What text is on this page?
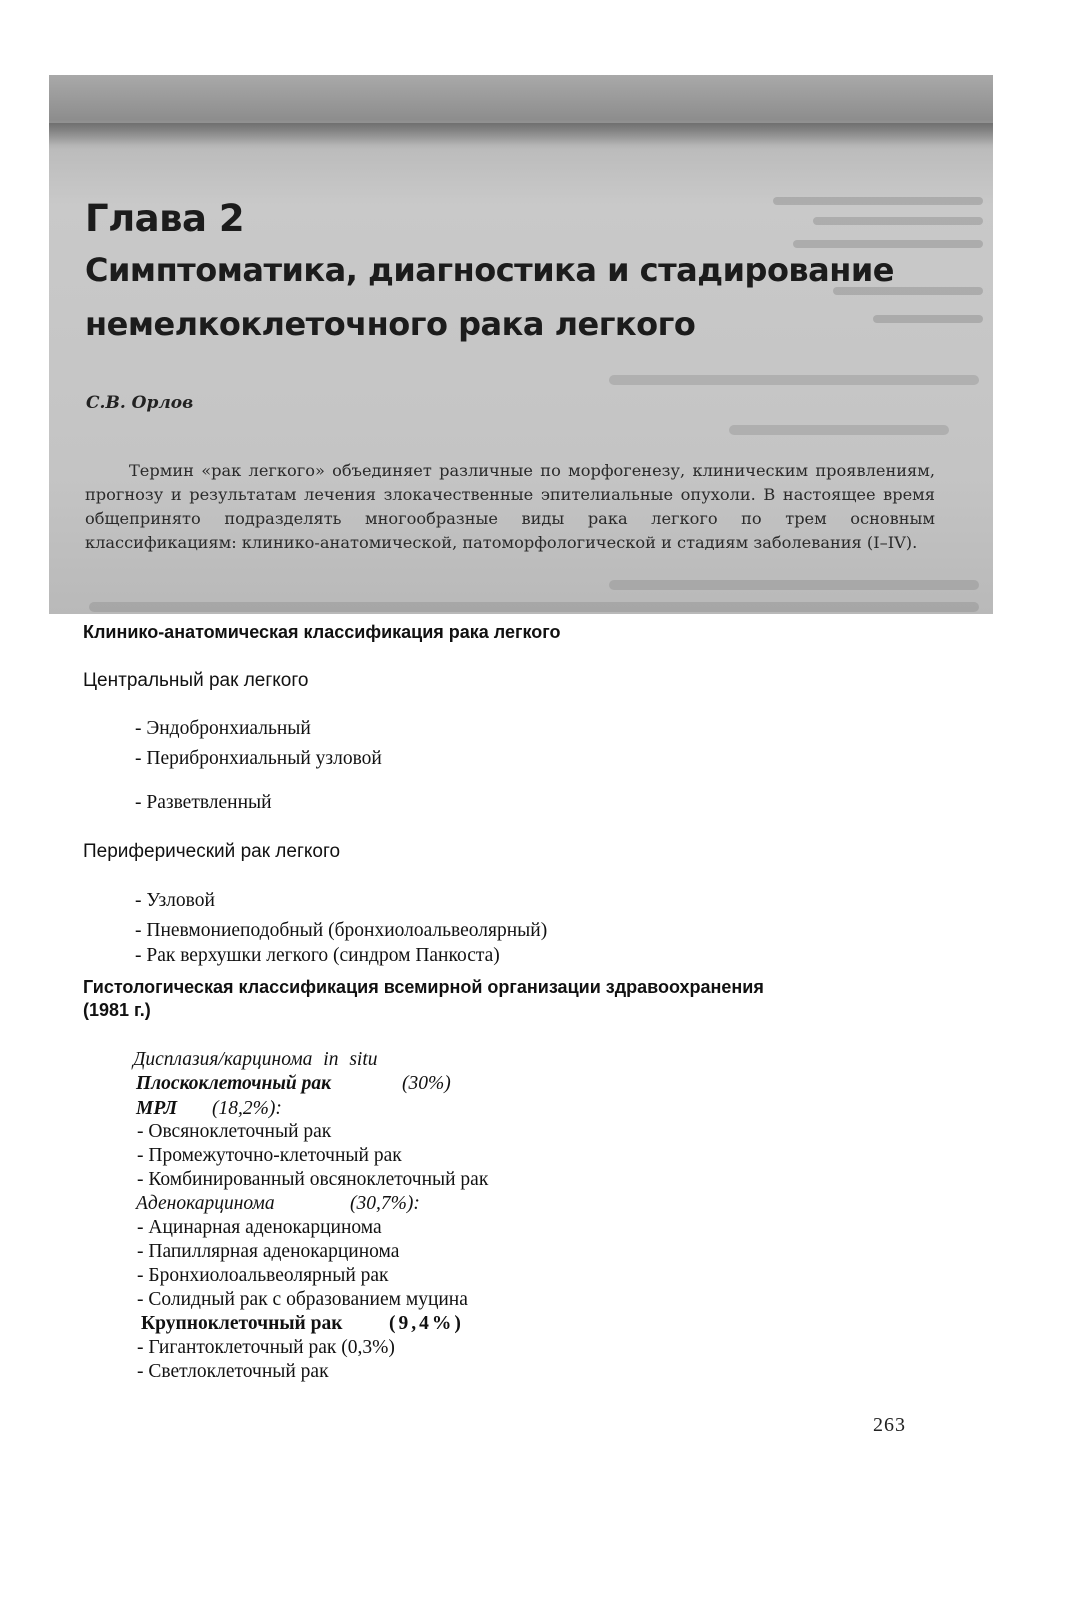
Глава 2

Симптоматика, диагностика и стадирование

немелкоклеточного рака легкого

С.В. Орлов

Термин «рак легкого» объединяет различные по морфогенезу, клиническим проявлениям, прогнозу и результатам лечения злокачественные эпителиальные опухоли. В настоящее время общепринято подразделять многообразные виды рака легкого по трем основным классификациям: клинико-анатомической, патоморфологической и стадиям заболевания (I–IV).

Клинико-анатомическая классификация рака легкого

Центральный рак легкого

- Эндобронхиальный

- Перибронхиальный узловой

- Разветвленный

Периферический рак легкого

- Узловой

- Пневмониеподобный (бронхиолоальвеолярный)

- Рак верхушки легкого (синдром Панкоста)

Гистологическая классификация всемирной организации здравоохранения

(1981 г.)

Дисплазия/карцинома in situ

Плоскоклеточный рак	(30%)

МРЛ (18,2%):

- Овсяноклеточный рак

- Промежуточно-клеточный рак

- Комбинированный овсяноклеточный рак

Аденокарцинома	(30,7%):

- Ацинарная аденокарцинома

- Папиллярная аденокарцинома

- Бронхиолоальвеолярный рак

- Солидный рак с образованием муцина

Крупноклеточный рак (9,4%)

- Гигантоклеточный рак (0,3%)

- Светлоклеточный рак

263
